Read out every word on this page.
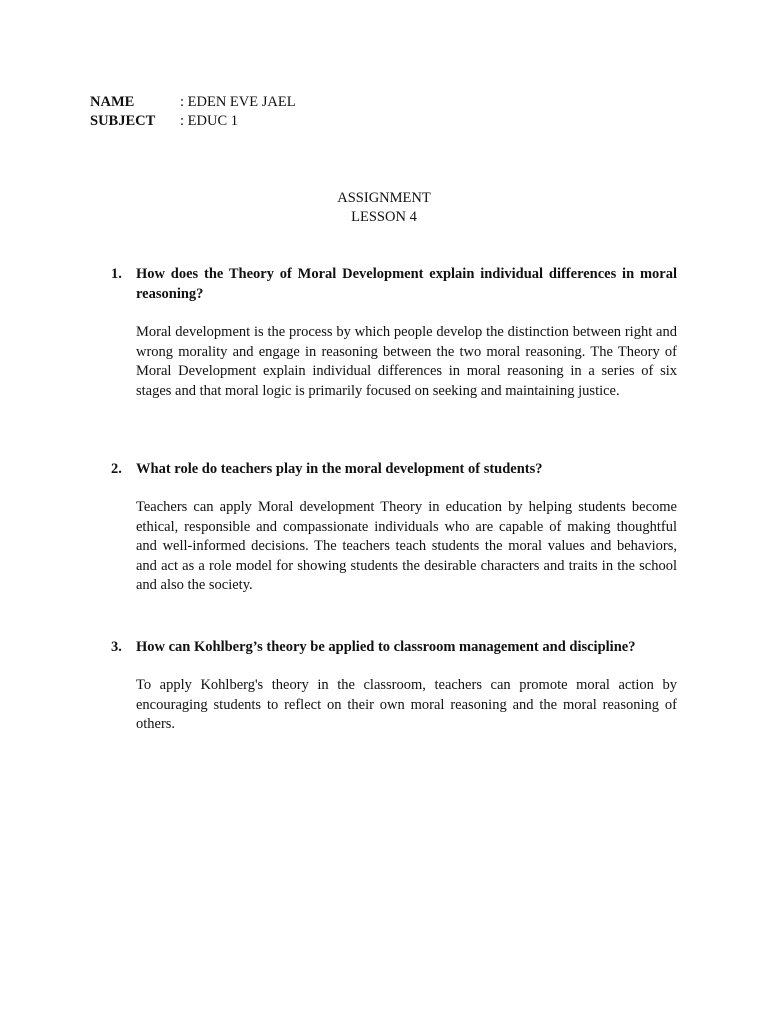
NAME	: EDEN EVE JAEL
SUBJECT	: EDUC 1
ASSIGNMENT
LESSON 4
1. How does the Theory of Moral Development explain individual differences in moral reasoning?
Moral development is the process by which people develop the distinction between right and wrong morality and engage in reasoning between the two moral reasoning. The Theory of Moral Development explain individual differences in moral reasoning in a series of six stages and that moral logic is primarily focused on seeking and maintaining justice.
2. What role do teachers play in the moral development of students?
Teachers can apply Moral development Theory in education by helping students become ethical, responsible and compassionate individuals who are capable of making thoughtful and well-informed decisions. The teachers teach students the moral values and behaviors, and act as a role model for showing students the desirable characters and traits in the school and also the society.
3. How can Kohlberg’s theory be applied to classroom management and discipline?
To apply Kohlberg's theory in the classroom, teachers can promote moral action by encouraging students to reflect on their own moral reasoning and the moral reasoning of others.
